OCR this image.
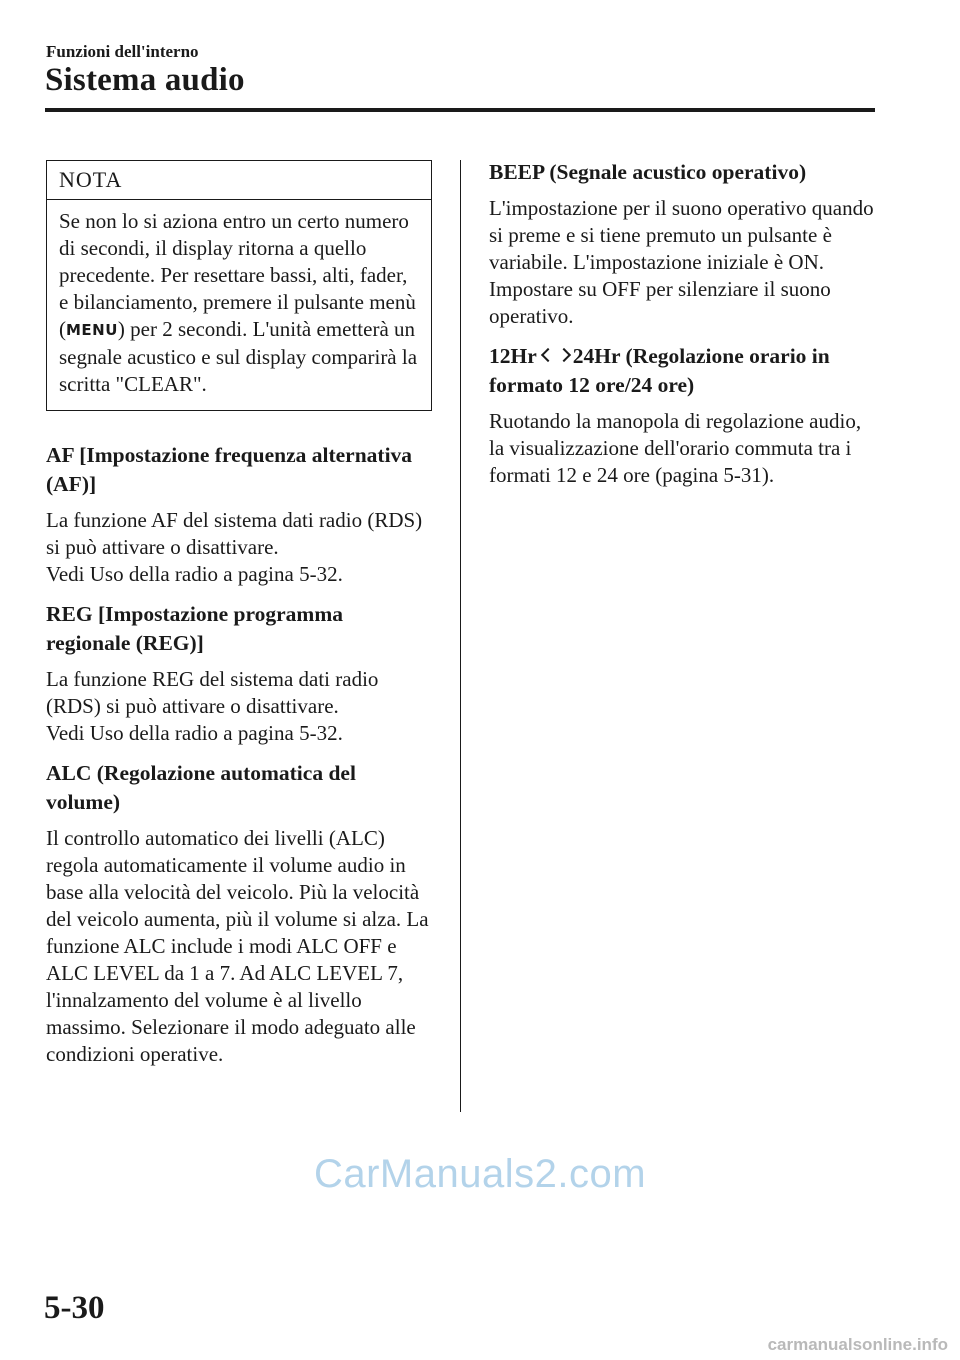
Funzioni dell'interno
Sistema audio
NOTA
Se non lo si aziona entro un certo numero di secondi, il display ritorna a quello precedente. Per resettare bassi, alti, fader, e bilanciamento, premere il pulsante menù (MENU) per 2 secondi. L'unità emetterà un segnale acustico e sul display comparirà la scritta "CLEAR".
AF [Impostazione frequenza alternativa (AF)]

La funzione AF del sistema dati radio (RDS) si può attivare o disattivare.
Vedi Uso della radio a pagina 5-32.

REG [Impostazione programma regionale (REG)]

La funzione REG del sistema dati radio (RDS) si può attivare o disattivare.
Vedi Uso della radio a pagina 5-32.

ALC (Regolazione automatica del volume)

Il controllo automatico dei livelli (ALC) regola automaticamente il volume audio in base alla velocità del veicolo. Più la velocità del veicolo aumenta, più il volume si alza. La funzione ALC include i modi ALC OFF e ALC LEVEL da 1 a 7. Ad ALC LEVEL 7, l'innalzamento del volume è al livello massimo. Selezionare il modo adeguato alle condizioni operative.

BEEP (Segnale acustico operativo)

L'impostazione per il suono operativo quando si preme e si tiene premuto un pulsante è variabile. L'impostazione iniziale è ON. Impostare su OFF per silenziare il suono operativo.

12Hr 24Hr (Regolazione orario in formato 12 ore/24 ore)

Ruotando la manopola di regolazione audio, la visualizzazione dell'orario commuta tra i formati 12 e 24 ore (pagina 5-31).

CarManuals2.com
5-30
carmanualsonline.info
